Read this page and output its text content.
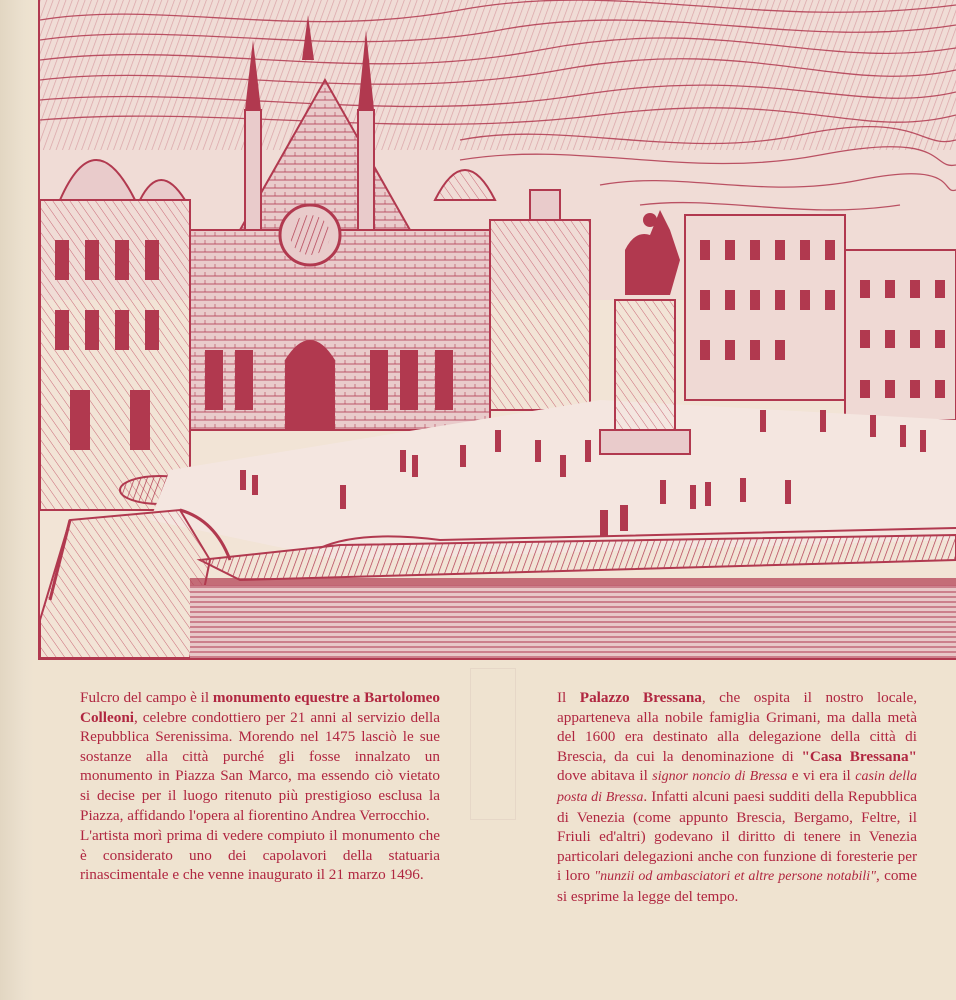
Fulcro del campo è il monumento equestre a Bartolomeo Colleoni, celebre condottiero per 21 anni al servizio della Repubblica Serenissima. Morendo nel 1475 lasciò le sue sostanze alla città purché gli fosse innalzato un monumento in Piazza San Marco, ma essendo ciò vietato si decise per il luogo ritenuto più prestigioso esclusa la Piazza, affidando l'opera al fiorentino Andrea Verrocchio.

L'artista morì prima di vedere compiuto il monumento che è considerato uno dei capolavori della statuaria rinascimentale e che venne inaugurato il 21 marzo 1496.

Il Palazzo Bressana, che ospita il nostro locale, apparteneva alla nobile famiglia Grimani, ma dalla metà del 1600 era destinato alla delegazione della città di Brescia, da cui la denominazione di "Casa Bressana" dove abitava il signor noncio di Bressa e vi era il casin della posta di Bressa. Infatti alcuni paesi sudditi della Repubblica di Venezia (come appunto Brescia, Bergamo, Feltre, il Friuli ed'altri) godevano il diritto di tenere in Venezia particolari delegazioni anche con funzione di foresterie per i loro "nunzii od ambasciatori et altre persone notabili", come si esprime la legge del tempo.
